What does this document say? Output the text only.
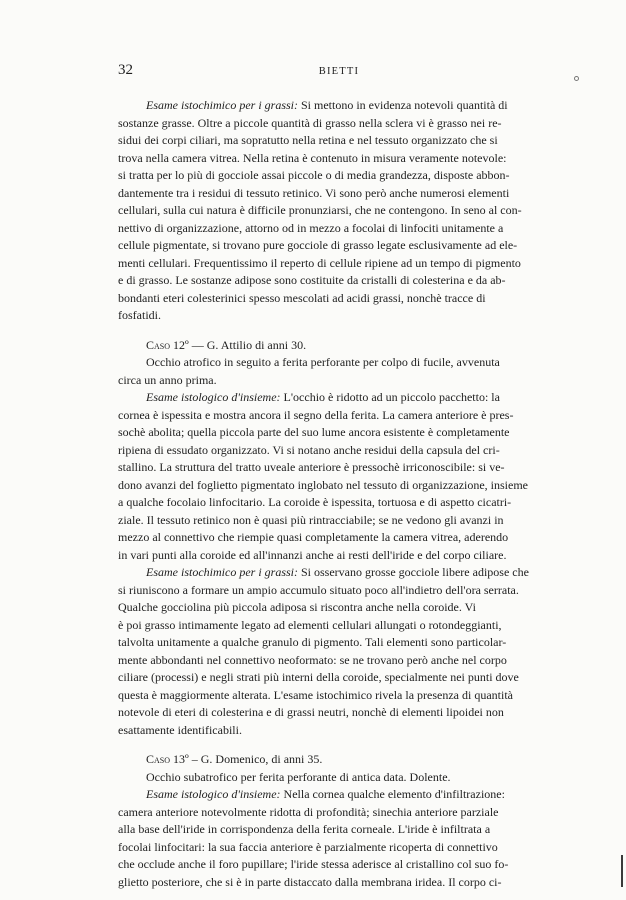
32	BIETTI
Esame istochimico per i grassi: Si mettono in evidenza notevoli quantità di
sostanze grasse. Oltre a piccole quantità di grasso nella sclera vi è grasso nei re-
sidui dei corpi ciliari, ma sopratutto nella retina e nel tessuto organizzato che si
trova nella camera vitrea. Nella retina è contenuto in misura veramente notevole:
si tratta per lo più di gocciole assai piccole o di media grandezza, disposte abbon-
dantemente tra i residui di tessuto retinico. Vi sono però anche numerosi elementi
cellulari, sulla cui natura è difficile pronunziarsi, che ne contengono. In seno al con-
nettivo di organizzazione, attorno od in mezzo a focolai di linfociti unitamente a
cellule pigmentate, si trovano pure gocciole di grasso legate esclusivamente ad ele-
menti cellulari. Frequentissimo il reperto di cellule ripiene ad un tempo di pigmento
e di grasso. Le sostanze adipose sono costituite da cristalli di colesterina e da ab-
bondanti eteri colesterinici spesso mescolati ad acidi grassi, nonchè tracce di
fosfatidi.
Caso 12º — G. Attilio di anni 30.
Occhio atrofico in seguito a ferita perforante per colpo di fucile, avvenuta
circa un anno prima.
Esame istologico d'insieme: L'occhio è ridotto ad un piccolo pacchetto: la
cornea è ispessita e mostra ancora il segno della ferita. La camera anteriore è pres-
sochè abolita; quella piccola parte del suo lume ancora esistente è completamente
ripiena di essudato organizzato. Vi si notano anche residui della capsula del cri-
stallino. La struttura del tratto uveale anteriore è pressochè irriconoscibile: si ve-
dono avanzi del foglietto pigmentato inglobato nel tessuto di organizzazione, insieme
a qualche focolaio linfocitario. La coroide è ispessita, tortuosa e di aspetto cicatri-
ziale. Il tessuto retinico non è quasi più rintracciabile; se ne vedono gli avanzi in
mezzo al connettivo che riempie quasi completamente la camera vitrea, aderendo
in vari punti alla coroide ed all'innanzi anche ai resti dell'iride e del corpo ciliare.
Esame istochimico per i grassi: Si osservano grosse gocciole libere adipose che
si riuniscono a formare un ampio accumulo situato poco all'indietro dell'ora serrata.
Qualche gocciolina più piccola adiposa si riscontra anche nella coroide. Vi
è poi grasso intimamente legato ad elementi cellulari allungati o rotondeggianti,
talvolta unitamente a qualche granulo di pigmento. Tali elementi sono particolar-
mente abbondanti nel connettivo neoformato: se ne trovano però anche nel corpo
ciliare (processi) e negli strati più interni della coroide, specialmente nei punti dove
questa è maggiormente alterata. L'esame istochimico rivela la presenza di quantità
notevole di eteri di colesterina e di grassi neutri, nonchè di elementi lipoidei non
esattamente identificabili.
Caso 13º – G. Domenico, di anni 35.
Occhio subatrofico per ferita perforante di antica data. Dolente.
Esame istologico d'insieme: Nella cornea qualche elemento d'infiltrazione:
camera anteriore notevolmente ridotta di profondità; sinechia anteriore parziale
alla base dell'iride in corrispondenza della ferita corneale. L'iride è infiltrata a
focolai linfocitari: la sua faccia anteriore è parzialmente ricoperta di connettivo
che occlude anche il foro pupillare; l'iride stessa aderisce al cristallino col suo fo-
glietto posteriore, che si è in parte distaccato dalla membrana iridea. Il corpo ci-
